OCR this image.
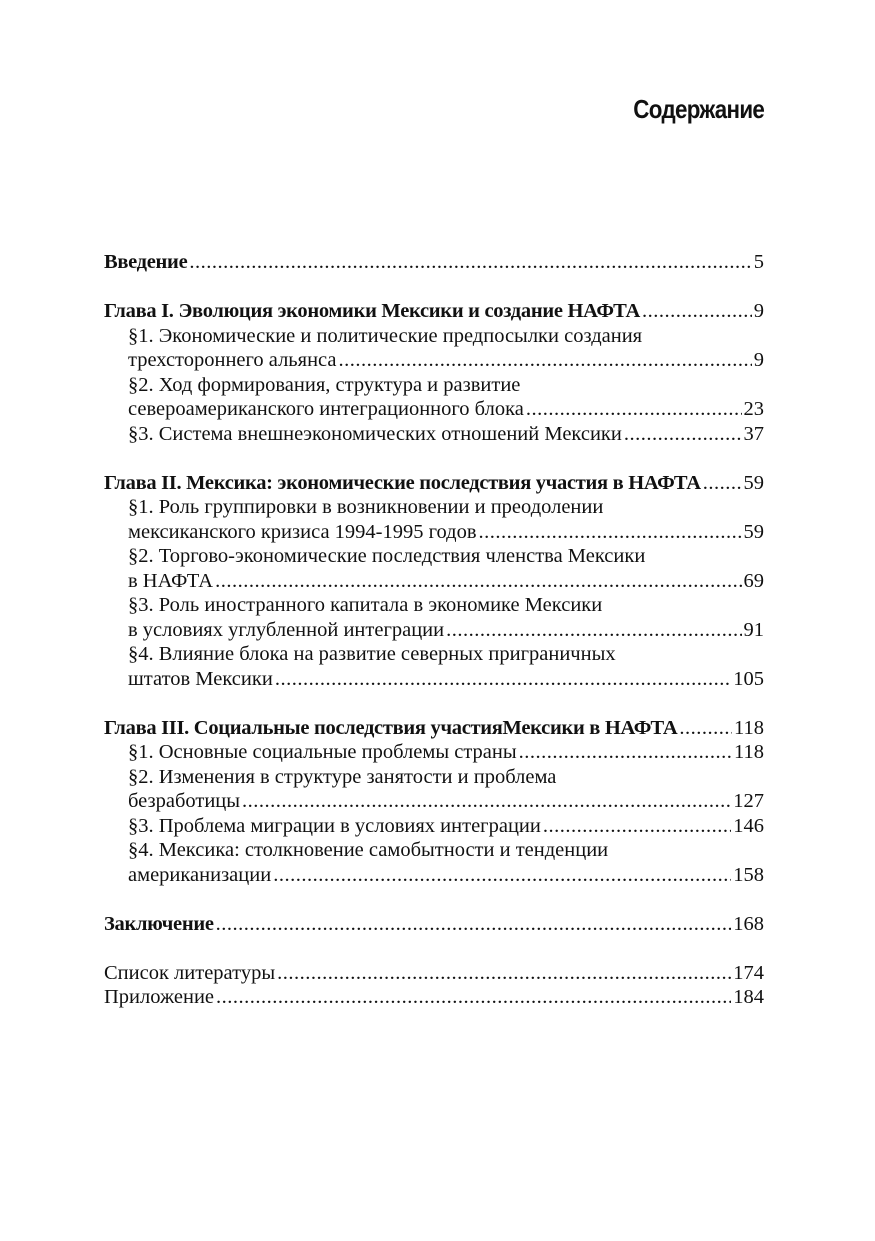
Содержание
Введение .....	5
Глава I. Эволюция экономики Мексики и создание НАФТА .....	9
§1. Экономические и политические предпосылки создания
трехстороннего альянса .....	9
§2. Ход формирования, структура и развитие
североамериканского интеграционного блока .....	23
§3. Система внешнеэкономических отношений Мексики .....	37
Глава II. Мексика: экономические последствия участия в НАФТА ..... 59
§1. Роль группировки в возникновении и преодолении
мексиканского кризиса 1994-1995 годов .....	59
§2. Торгово-экономические последствия членства Мексики
в НАФТА .....	69
§3. Роль иностранного капитала в экономике Мексики
в условиях углубленной интеграции .....	91
§4. Влияние блока на развитие северных приграничных
штатов Мексики .....	105
Глава III. Социальные последствия участияМексики в НАФТА .....	118
§1. Основные социальные проблемы страны .....	118
§2. Изменения в структуре занятости и проблема
безработицы .....	127
§3. Проблема миграции в условиях интеграции .....	146
§4. Мексика: столкновение самобытности и тенденции
американизации .....	158
Заключение .....	168
Список литературы .....	174
Приложение .....	184
